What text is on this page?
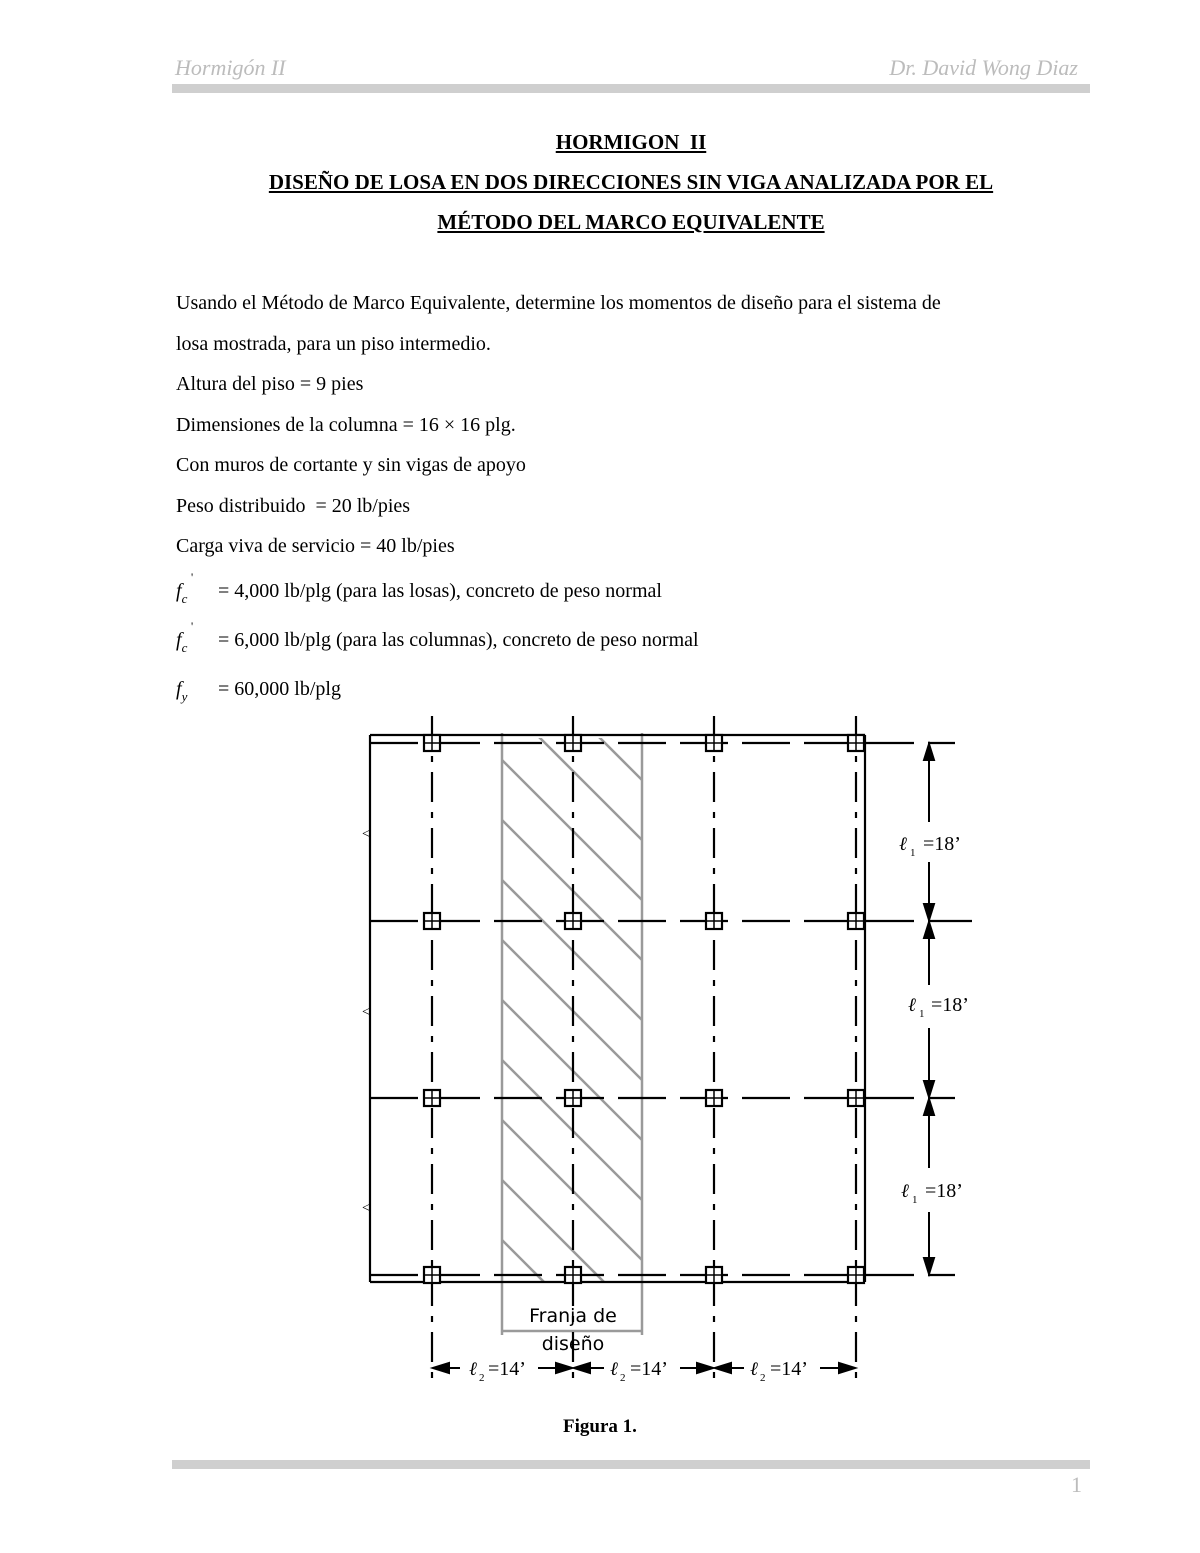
Hormigón II	Dr. David Wong Diaz
HORMIGON  II
DISEÑO DE LOSA EN DOS DIRECCIONES SIN VIGA ANALIZADA POR EL
MÉTODO DEL MARCO EQUIVALENTE

Usando el Método de Marco Equivalente, determine los momentos de diseño para el sistema de

losa mostrada, para un piso intermedio.

Altura del piso = 9 pies

Dimensiones de la columna = 16 × 16 plg.

Con muros de cortante y sin vigas de apoyo

Peso distribuido  = 20 lb/pies

Carga viva de servicio = 40 lb/pies

f
'
$_c$	= 4,000 lb/plg (para las losas), concreto de peso normal
f
'
$_c$	= 6,000 lb/plg (para las columnas), concreto de peso normal
f
$_y$	= 60,000 lb/plg
<
<
<
ℓ 1 =18’
ℓ 1 =18’
ℓ 1 =18’
Franja de
diseño
ℓ 2 =14’	ℓ 2 =14’	ℓ 2 =14’
Figura 1.
1
